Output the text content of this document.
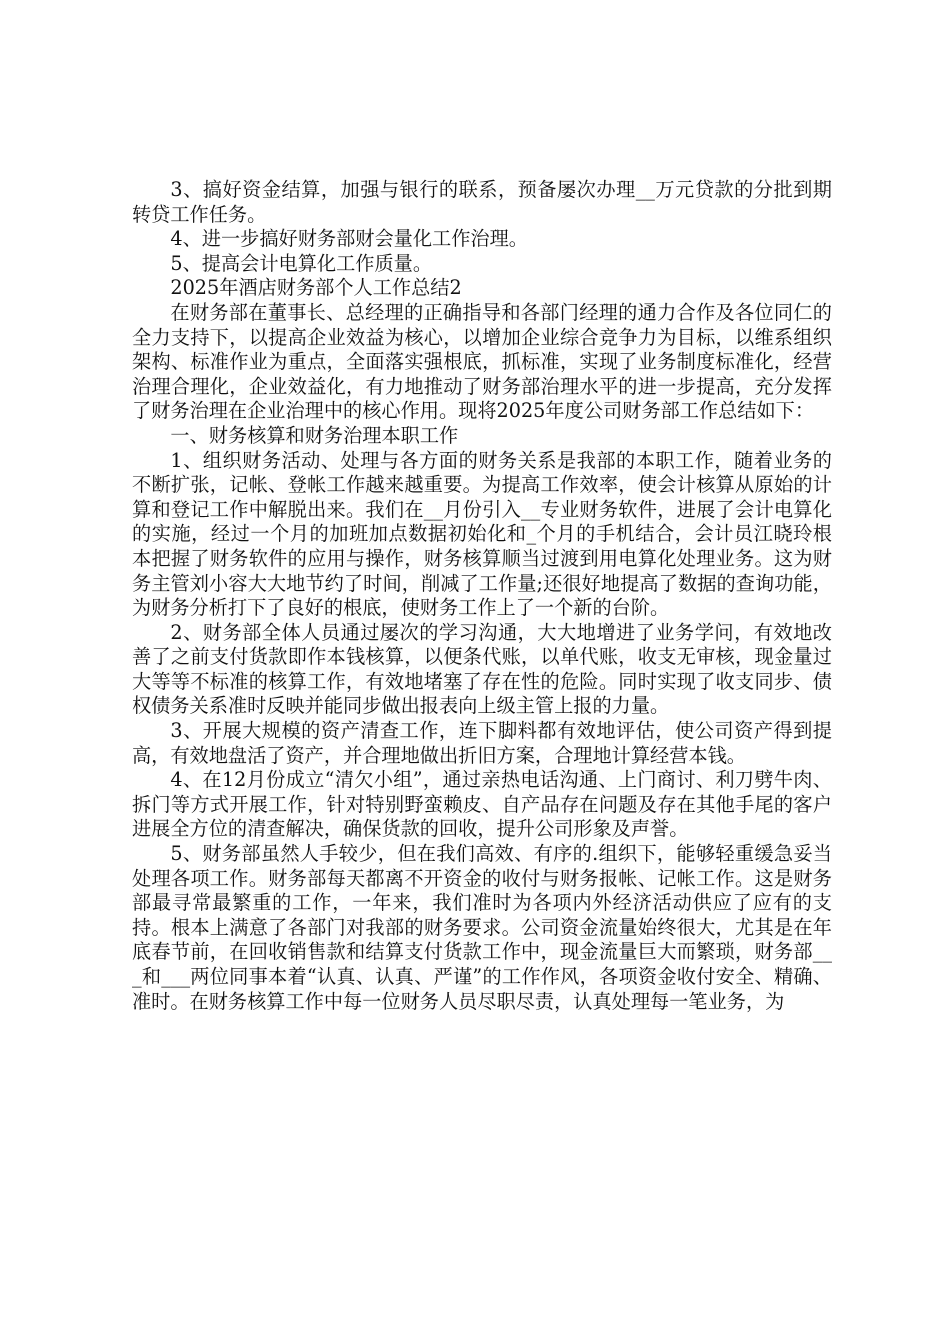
3、搞好资金结算，加强与银行的联系，预备屡次办理__万元贷款的分批到期转贷工作任务。

4、进一步搞好财务部财会量化工作治理。

5、提高会计电算化工作质量。

2025年酒店财务部个人工作总结2

在财务部在董事长、总经理的正确指导和各部门经理的通力合作及各位同仁的全力支持下，以提高企业效益为核心，以增加企业综合竞争力为目标，以维系组织架构、标准作业为重点，全面落实强根底，抓标准，实现了业务制度标准化，经营治理合理化，企业效益化，有力地推动了财务部治理水平的进一步提高，充分发挥了财务治理在企业治理中的核心作用。现将2025年度公司财务部工作总结如下：

一、财务核算和财务治理本职工作

1、组织财务活动、处理与各方面的财务关系是我部的本职工作，随着业务的不断扩张，记帐、登帐工作越来越重要。为提高工作效率，使会计核算从原始的计算和登记工作中解脱出来。我们在__月份引入__专业财务软件，进展了会计电算化的实施，经过一个月的加班加点数据初始化和_个月的手机结合，会计员江晓玲根本把握了财务软件的应用与操作，财务核算顺当过渡到用电算化处理业务。这为财务主管刘小容大大地节约了时间，削减了工作量;还很好地提高了数据的查询功能，为财务分析打下了良好的根底，使财务工作上了一个新的台阶。

2、财务部全体人员通过屡次的学习沟通，大大地增进了业务学问，有效地改善了之前支付货款即作本钱核算，以便条代账，以单代账，收支无审核，现金量过大等等不标准的核算工作，有效地堵塞了存在性的危险。同时实现了收支同步、债权债务关系准时反映并能同步做出报表向上级主管上报的力量。

3、开展大规模的资产清查工作，连下脚料都有效地评估，使公司资产得到提高，有效地盘活了资产，并合理地做出折旧方案，合理地计算经营本钱。

4、在12月份成立“清欠小组”，通过亲热电话沟通、上门商讨、利刀劈牛肉、拆门等方式开展工作，针对特别野蛮赖皮、自产品存在问题及存在其他手尾的客户进展全方位的清查解决，确保货款的回收，提升公司形象及声誉。

5、财务部虽然人手较少，但在我们高效、有序的.组织下，能够轻重缓急妥当处理各项工作。财务部每天都离不开资金的收付与财务报帐、记帐工作。这是财务部最寻常最繁重的工作，一年来，我们准时为各项内外经济活动供应了应有的支持。根本上满意了各部门对我部的财务要求。公司资金流量始终很大，尤其是在年底春节前，在回收销售款和结算支付货款工作中，现金流量巨大而繁琐，财务部___和___两位同事本着“认真、认真、严谨”的工作作风，各项资金收付安全、精确、准时。在财务核算工作中每一位财务人员尽职尽责，认真处理每一笔业务，为
